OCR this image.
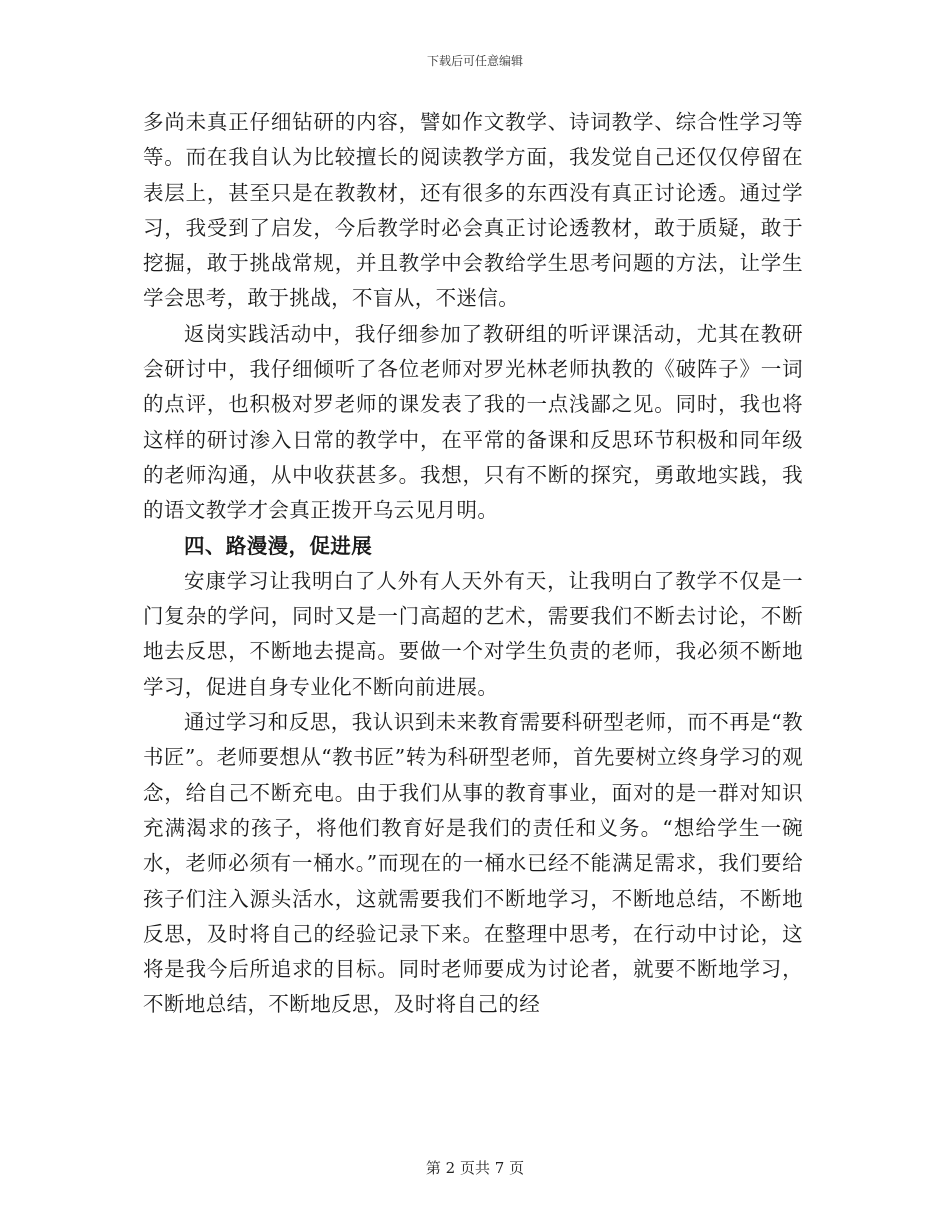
下载后可任意编辑

多尚未真正仔细钻研的内容，譬如作文教学、诗词教学、综合性学习等等。而在我自认为比较擅长的阅读教学方面，我发觉自己还仅仅停留在表层上，甚至只是在教教材，还有很多的东西没有真正讨论透。通过学习，我受到了启发，今后教学时必会真正讨论透教材，敢于质疑，敢于挖掘，敢于挑战常规，并且教学中会教给学生思考问题的方法，让学生学会思考，敢于挑战，不盲从，不迷信。

返岗实践活动中，我仔细参加了教研组的听评课活动，尤其在教研会研讨中，我仔细倾听了各位老师对罗光林老师执教的《破阵子》一词的点评，也积极对罗老师的课发表了我的一点浅鄙之见。同时，我也将这样的研讨渗入日常的教学中，在平常的备课和反思环节积极和同年级的老师沟通，从中收获甚多。我想，只有不断的探究，勇敢地实践，我的语文教学才会真正拨开乌云见月明。

四、路漫漫，促进展

安康学习让我明白了人外有人天外有天，让我明白了教学不仅是一门复杂的学问，同时又是一门高超的艺术，需要我们不断去讨论，不断地去反思，不断地去提高。要做一个对学生负责的老师，我必须不断地学习，促进自身专业化不断向前进展。

通过学习和反思，我认识到未来教育需要科研型老师，而不再是“教书匠”。老师要想从“教书匠”转为科研型老师，首先要树立终身学习的观念，给自己不断充电。由于我们从事的教育事业，面对的是一群对知识充满渴求的孩子，将他们教育好是我们的责任和义务。“想给学生一碗水，老师必须有一桶水。”而现在的一桶水已经不能满足需求，我们要给孩子们注入源头活水，这就需要我们不断地学习，不断地总结，不断地反思，及时将自己的经验记录下来。在整理中思考，在行动中讨论，这将是我今后所追求的目标。同时老师要成为讨论者，就要不断地学习，不断地总结，不断地反思，及时将自己的经

第 2 页共 7 页
